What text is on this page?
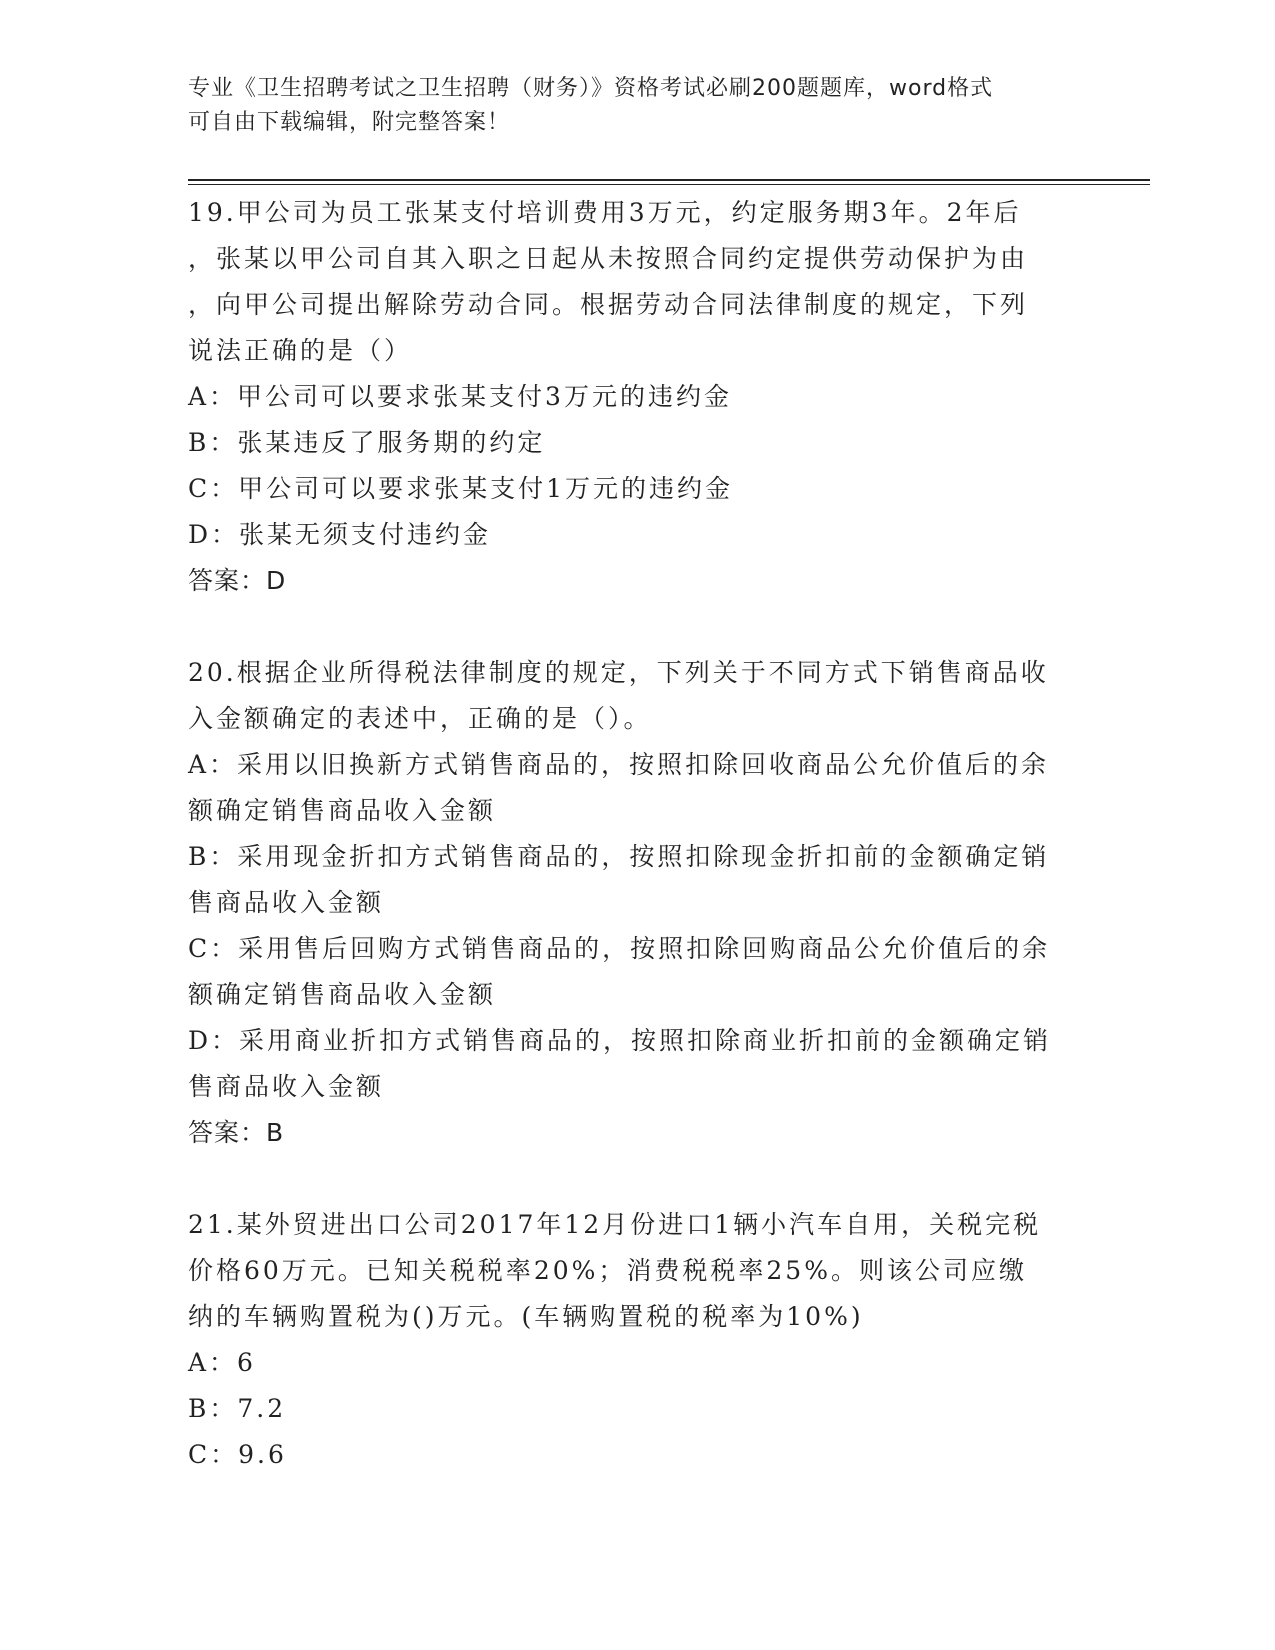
专业《卫生招聘考试之卫生招聘（财务）》资格考试必刷200题题库，word格式
可自由下载编辑，附完整答案！
19.甲公司为员工张某支付培训费用3万元，约定服务期3年。2年后
，张某以甲公司自其入职之日起从未按照合同约定提供劳动保护为由
，向甲公司提出解除劳动合同。根据劳动合同法律制度的规定，下列
说法正确的是（）
A：甲公司可以要求张某支付3万元的违约金
B：张某违反了服务期的约定
C：甲公司可以要求张某支付1万元的违约金
D：张某无须支付违约金
答案：D
20.根据企业所得税法律制度的规定，下列关于不同方式下销售商品收
入金额确定的表述中，正确的是（）。
A：采用以旧换新方式销售商品的，按照扣除回收商品公允价值后的余
额确定销售商品收入金额
B：采用现金折扣方式销售商品的，按照扣除现金折扣前的金额确定销
售商品收入金额
C：采用售后回购方式销售商品的，按照扣除回购商品公允价值后的余
额确定销售商品收入金额
D：采用商业折扣方式销售商品的，按照扣除商业折扣前的金额确定销
售商品收入金额
答案：B
21.某外贸进出口公司2017年12月份进口1辆小汽车自用，关税完税
价格60万元。已知关税税率20%；消费税税率25%。则该公司应缴
纳的车辆购置税为()万元。(车辆购置税的税率为10%)
A：6
B：7.2
C：9.6
